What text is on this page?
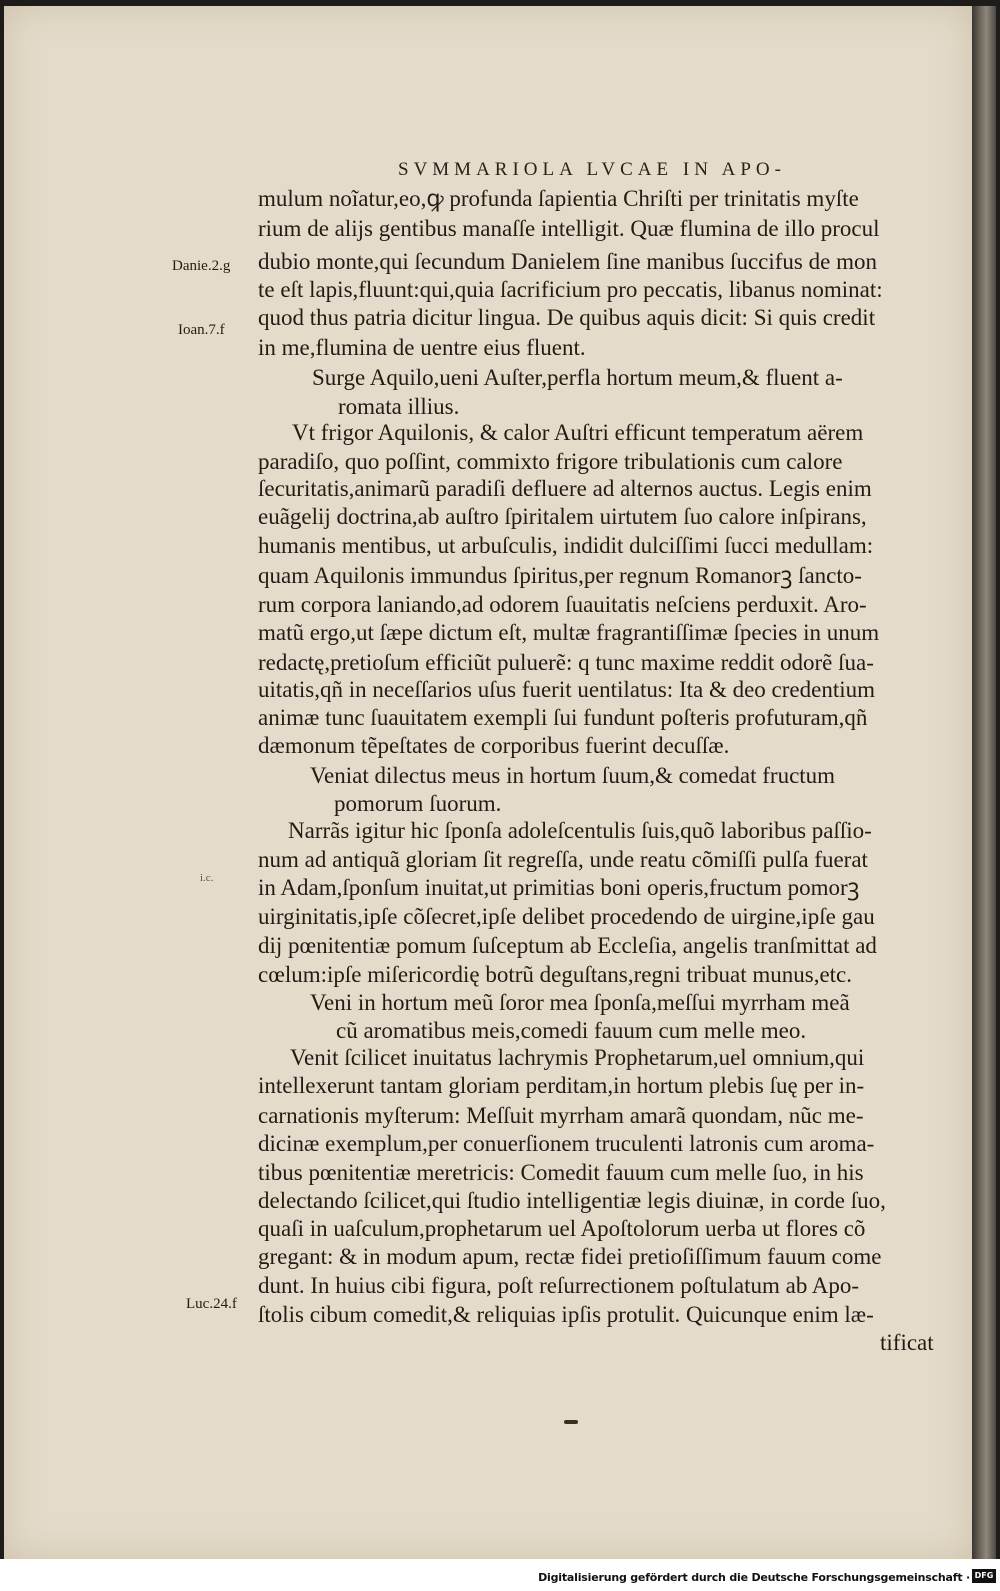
SVMMARIOLA LVCAE IN APO-
Danie.2.g
Ioan.7.f
Luc.24.f
i.c.
mulum noĩatur,eo,ꝙ profunda ſapientia Chriſti per trinitatis myſte
rium de alijs gentibus manaſſe intelligit. Quæ flumina de illo procul
dubio monte,qui ſecundum Danielem ſine manibus ſuccifus de mon
te eſt lapis,fluunt:qui,quia ſacrificium pro peccatis, libanus nominat:
quod thus patria dicitur lingua. De quibus aquis dicit: Si quis credit
in me,flumina de uentre eius fluent.
Surge Aquilo,ueni Auſter,perfla hortum meum,& fluent a-
romata illius.
Vt frigor Aquilonis, & calor Auſtri efficunt temperatum aërem
paradiſo, quo poſſint, commixto frigore tribulationis cum calore
ſecuritatis,animarũ paradiſi defluere ad alternos auctus. Legis enim
euãgelij doctrina,ab auſtro ſpiritalem uirtutem ſuo calore inſpirans,
humanis mentibus, ut arbuſculis, indidit dulciſſimi ſucci medullam:
quam Aquilonis immundus ſpiritus,per regnum Romanorꝫ ſancto-
rum corpora laniando,ad odorem ſuauitatis neſciens perduxit. Aro-
matũ ergo,ut ſæpe dictum eſt, multæ fragrantiſſimæ ſpecies in unum
redactę,pretioſum efficiũt puluerẽ: q tunc maxime reddit odorẽ ſua-
uitatis,qñ in neceſſarios uſus fuerit uentilatus: Ita & deo credentium
animæ tunc ſuauitatem exempli ſui fundunt poſteris profuturam,qñ
dæmonum tẽpeſtates de corporibus fuerint decuſſæ.
Veniat dilectus meus in hortum ſuum,& comedat fructum
pomorum ſuorum.
Narrãs igitur hic ſponſa adoleſcentulis ſuis,quõ laboribus paſſio-
num ad antiquã gloriam ſit regreſſa, unde reatu cõmiſſi pulſa fuerat
in Adam,ſponſum inuitat,ut primitias boni operis,fructum pomorꝫ
uirginitatis,ipſe cõſecret,ipſe delibet procedendo de uirgine,ipſe gau
dij pœnitentiæ pomum ſuſceptum ab Eccleſia, angelis tranſmittat ad
cœlum:ipſe miſericordię botrũ deguſtans,regni tribuat munus,etc.
Veni in hortum meũ ſoror mea ſponſa,meſſui myrrham meã
cũ aromatibus meis,comedi fauum cum melle meo.
Venit ſcilicet inuitatus lachrymis Prophetarum,uel omnium,qui
intellexerunt tantam gloriam perditam,in hortum plebis ſuę per in-
carnationis myſterum: Meſſuit myrrham amarã quondam, nũc me-
dicinæ exemplum,per conuerſionem truculenti latronis cum aroma-
tibus pœnitentiæ meretricis: Comedit fauum cum melle ſuo, in his
delectando ſcilicet,qui ſtudio intelligentiæ legis diuinæ, in corde ſuo,
quaſi in uaſculum,prophetarum uel Apoſtolorum uerba ut flores cõ
gregant: & in modum apum, rectæ fidei pretioſiſſimum fauum come
dunt. In huius cibi figura, poſt reſurrectionem poſtulatum ab Apo-
ſtolis cibum comedit,& reliquias ipſis protulit. Quicunque enim læ-
tificat
Digitalisierung gefördert durch die Deutsche Forschungsgemeinschaft · DFG
